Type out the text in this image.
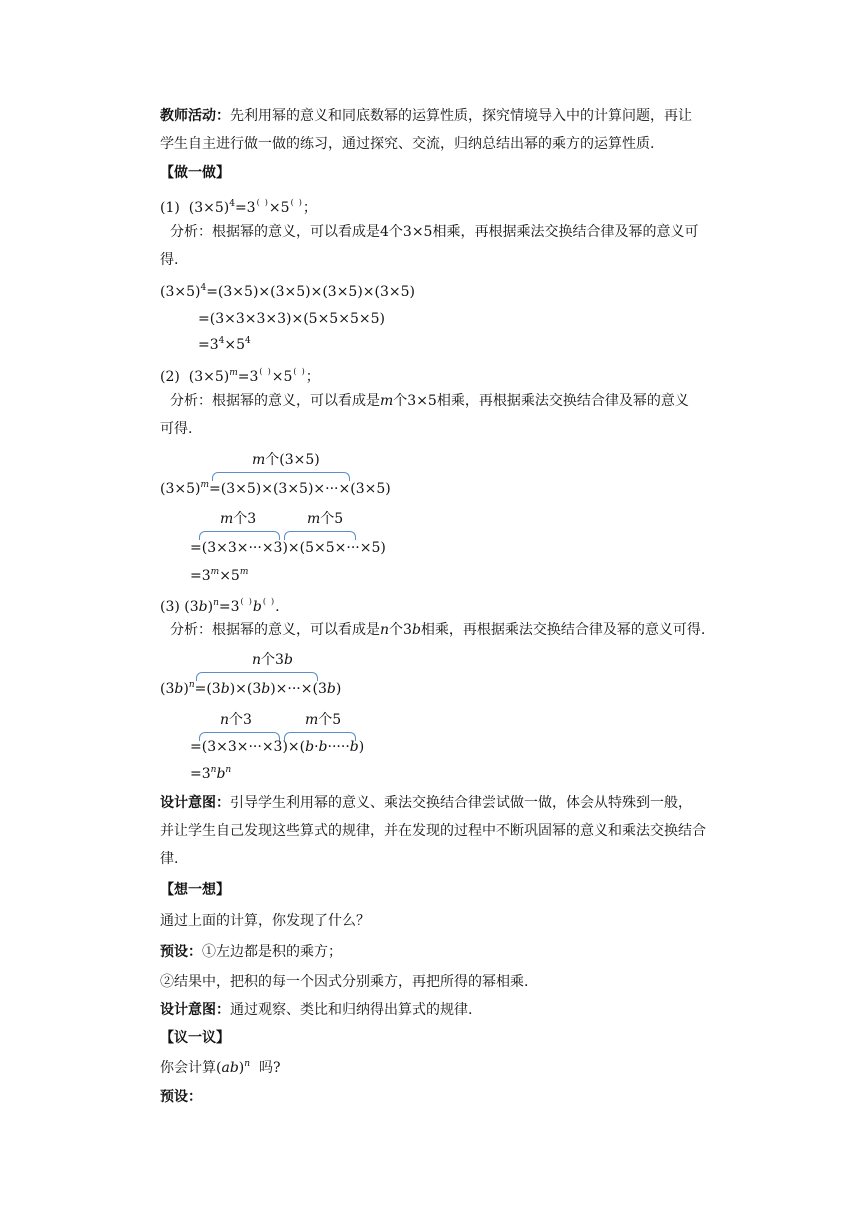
教师活动：先利用幂的意义和同底数幂的运算性质，探究情境导入中的计算问题，再让
学生自主进行做一做的练习，通过探究、交流，归纳总结出幂的乘方的运算性质.
【做一做】
(1) $(3\times 5)^4=3$(  )×5(  )；
分析：根据幂的意义，可以看成是4个3×5相乘，再根据乘法交换结合律及幂的意义可
得.
$(3\times 5)^4=(3\times 5)\times(3\times 5)\times(3\times 5)\times(3\times 5)$
=(3×3×3×3)×(5×5×5×5)
$=3^4\times 5^4$
(2) $(3\times 5)^m=3$(  )×5(  )；
分析：根据幂的意义，可以看成是m个3×5相乘，再根据乘法交换结合律及幂的意义
可得.
m个(3×5)
$(3\times 5)^m=(3\times 5)\times(3\times 5)\times\cdot\cdot\cdot\times(3\times 5)$
m个3	m个5
=(3×3×···×3)×(5×5×···×5)
$=3^m\times 5^m$
(3) $(3b)^n=3$(  )b(  ).
分析：根据幂的意义，可以看成是n个3b相乘，再根据乘法交换结合律及幂的意义可得.
n个3b
$(3b)^n=(3b)\times(3b)\times\cdot\cdot\cdot\times(3b)$
n个3	m个5
=(3×3×···×3)×(b·b·····b)
$=3^nb^n$
设计意图：引导学生利用幂的意义、乘法交换结合律尝试做一做，体会从特殊到一般，
并让学生自己发现这些算式的规律，并在发现的过程中不断巩固幂的意义和乘法交换结合
律.
【想一想】
通过上面的计算，你发现了什么？
预设：①左边都是积的乘方；
②结果中，把积的每一个因式分别乘方，再把所得的幂相乘.
设计意图：通过观察、类比和归纳得出算式的规律.
【议一议】
你会计算(ab)$^n$  吗?
预设：
